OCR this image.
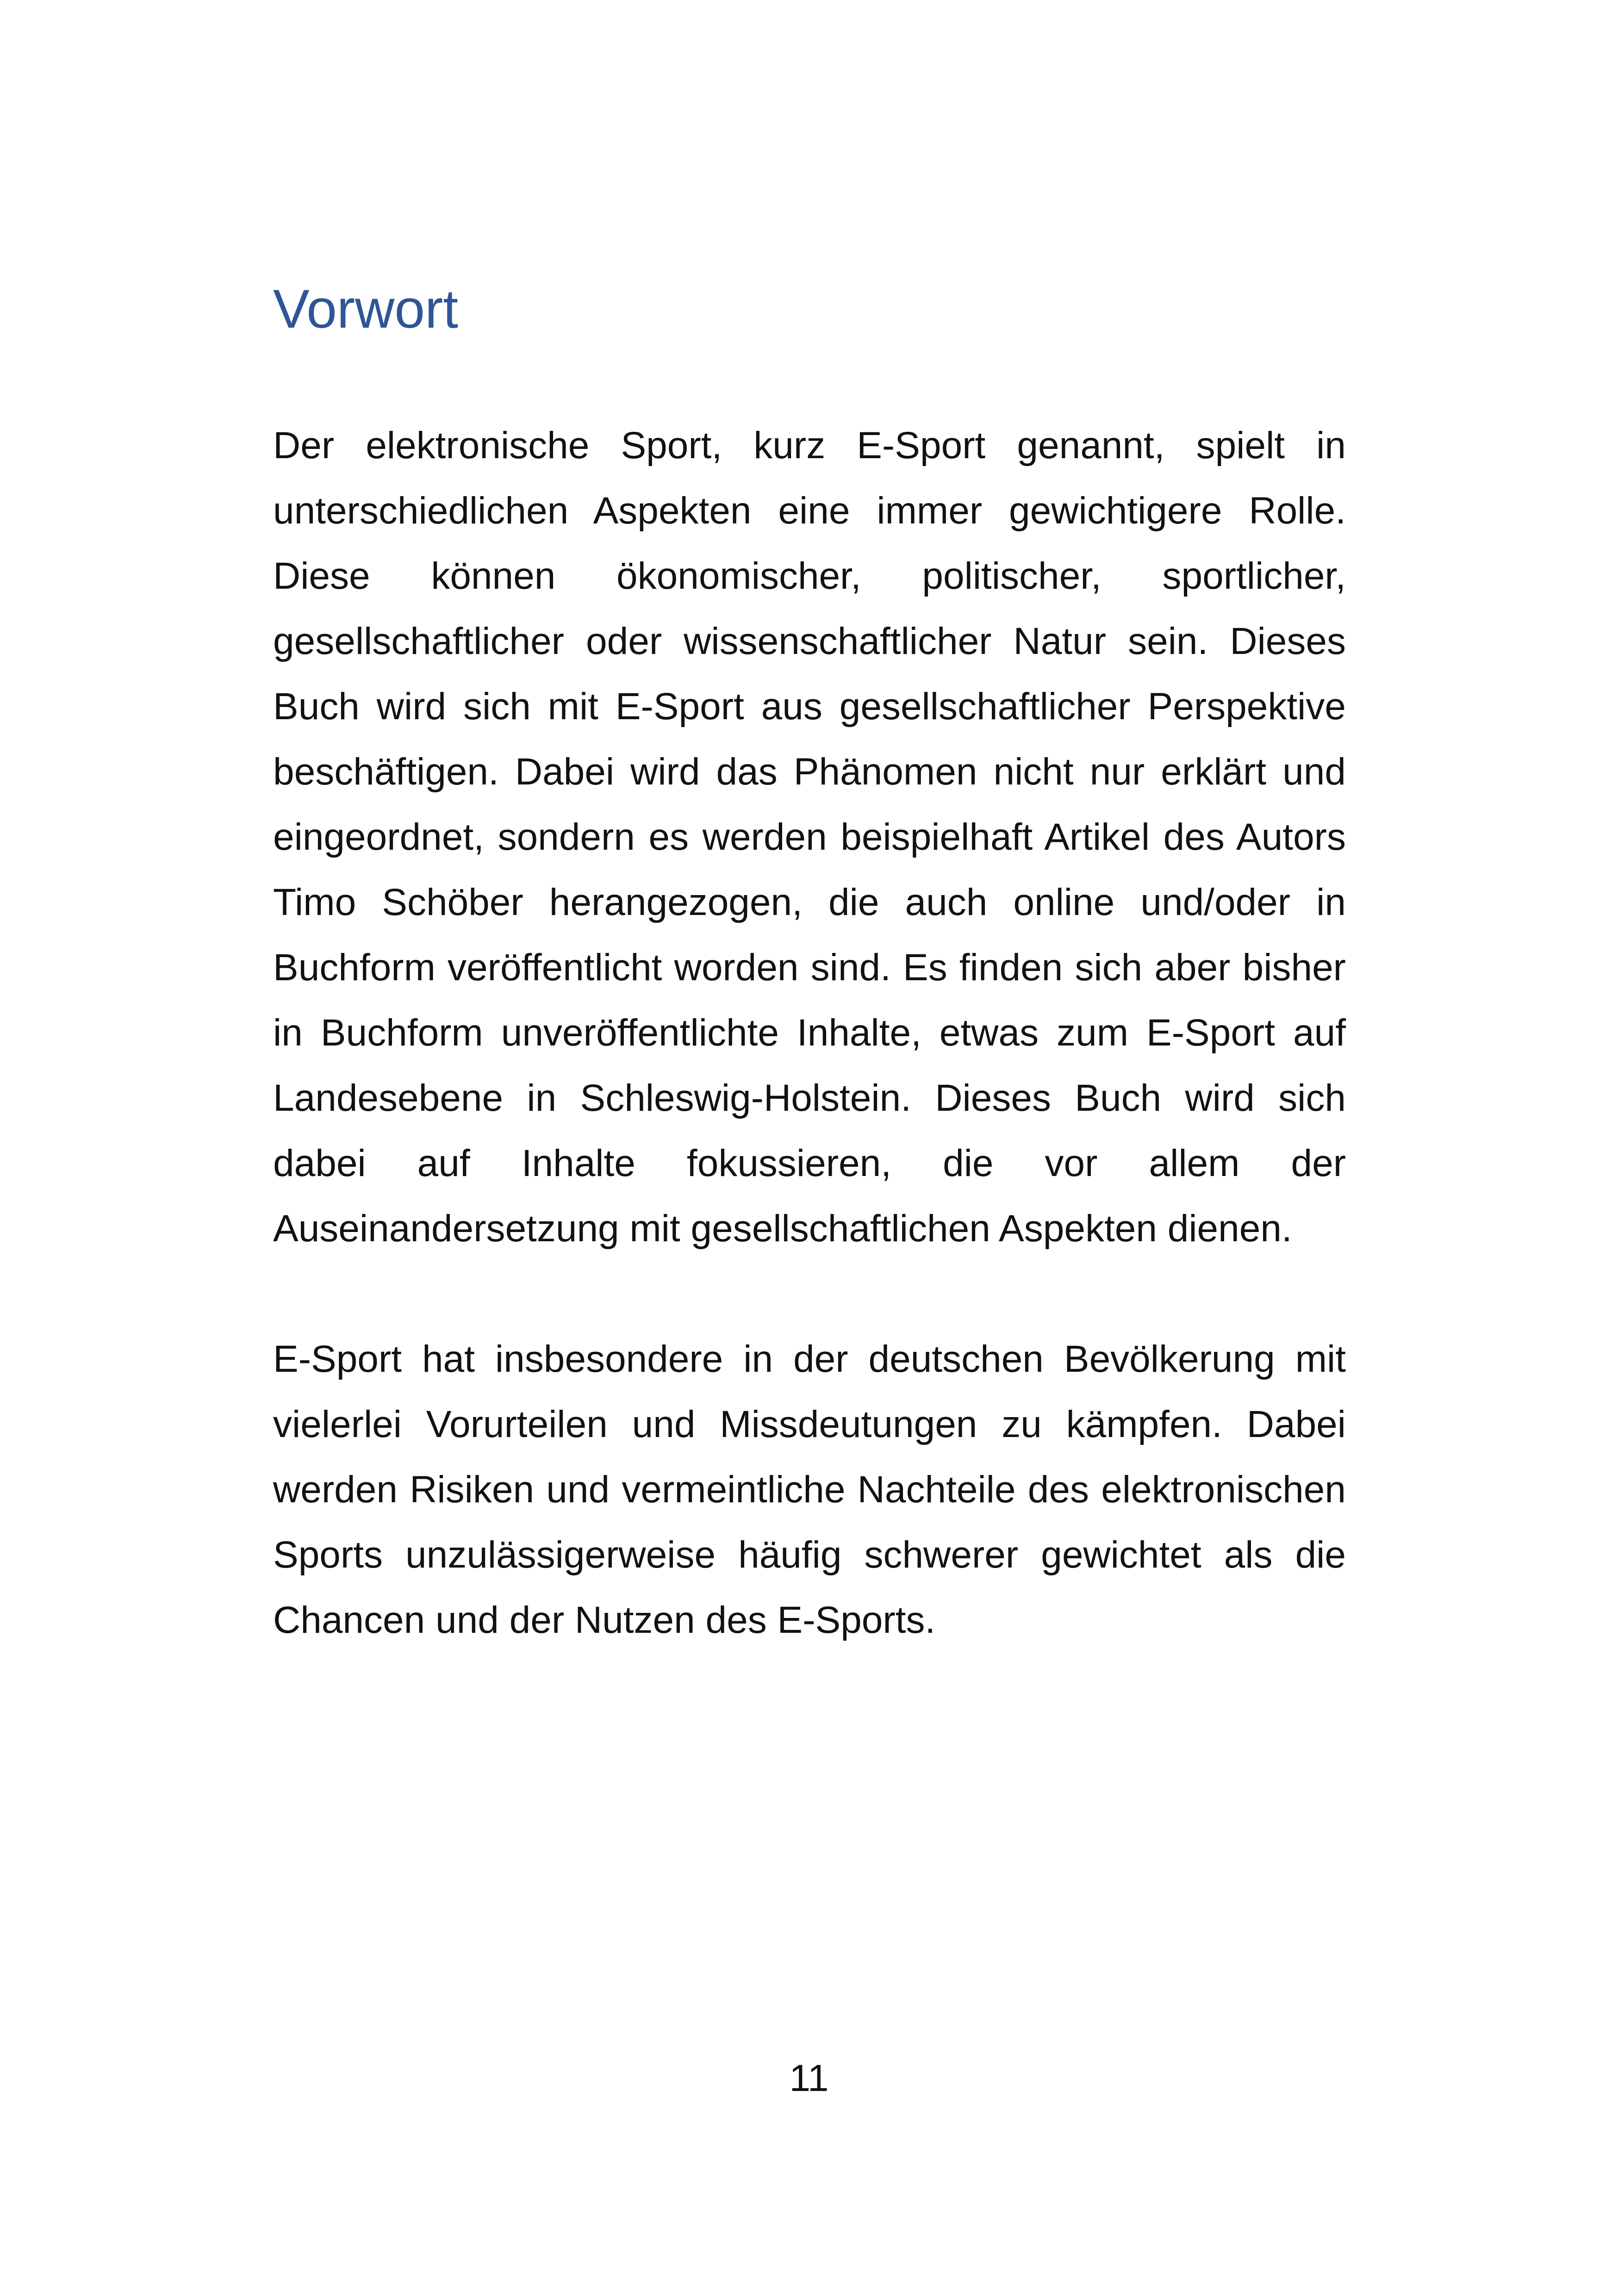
Vorwort

Der elektronische Sport, kurz E-Sport genannt, spielt in unterschiedlichen Aspekten eine immer gewichtigere Rolle. Diese können ökonomischer, politischer, sportlicher, gesellschaftlicher oder wissenschaftlicher Natur sein. Dieses Buch wird sich mit E-Sport aus gesellschaftlicher Perspektive beschäftigen. Dabei wird das Phänomen nicht nur erklärt und eingeordnet, sondern es werden beispielhaft Artikel des Autors Timo Schöber herangezogen, die auch online und/oder in Buchform veröffentlicht worden sind. Es finden sich aber bisher in Buchform unveröffentlichte Inhalte, etwas zum E-Sport auf Landesebene in Schleswig-Holstein. Dieses Buch wird sich dabei auf Inhalte fokussieren, die vor allem der Auseinandersetzung mit gesellschaftlichen Aspekten dienen.

E-Sport hat insbesondere in der deutschen Bevölkerung mit vielerlei Vorurteilen und Missdeutungen zu kämpfen. Dabei werden Risiken und vermeintliche Nachteile des elektronischen Sports unzulässigerweise häufig schwerer gewichtet als die Chancen und der Nutzen des E-Sports.

11
